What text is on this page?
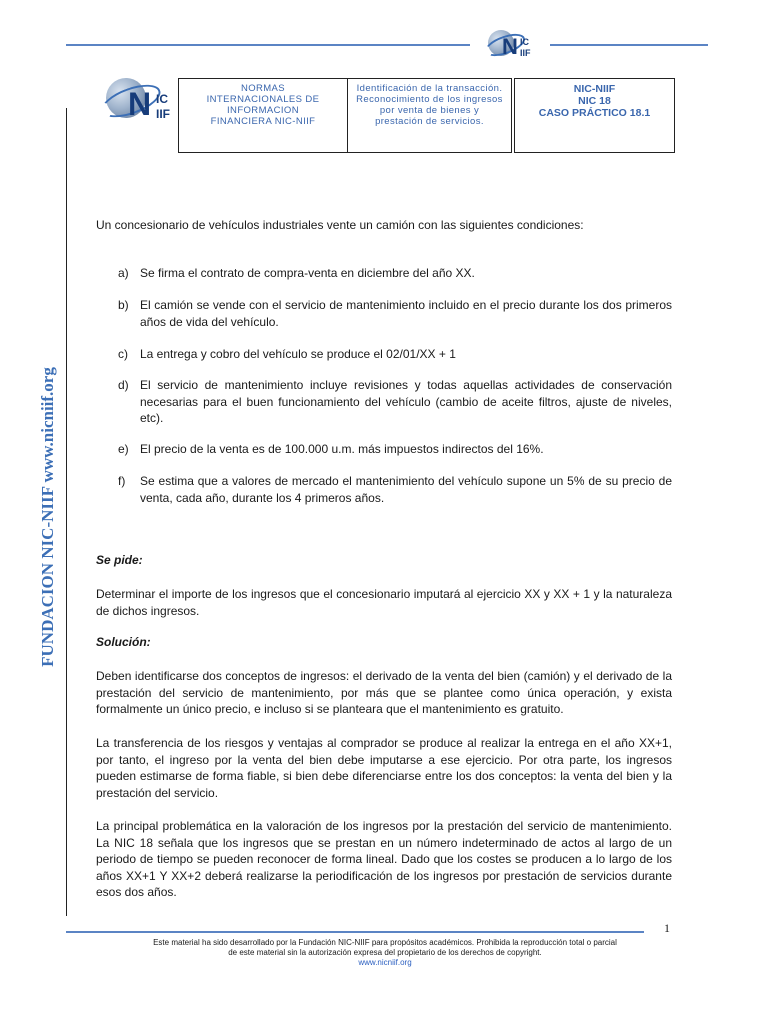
N IC
IIF
N IC
IIF
NORMAS INTERNACIONALES DE INFORMACION FINANCIERA NIC-NIIF
Identificación de la transacción. Reconocimiento de los ingresos por venta de bienes y prestación de servicios.
NIC-NIIF
NIC 18
CASO PRÁCTICO 18.1
FUNDACION NIC-NIIF www.nicniif.org
Un concesionario de vehículos industriales vente un camión con las siguientes condiciones:
a) Se firma el contrato de compra-venta en diciembre del año XX.
b) El camión se vende con el servicio de mantenimiento incluido en el precio durante los dos primeros años de vida del vehículo.
c) La entrega y cobro del vehículo se produce el 02/01/XX + 1
d) El servicio de mantenimiento incluye revisiones y todas aquellas actividades de conservación necesarias para el buen funcionamiento del vehículo (cambio de aceite filtros, ajuste de niveles, etc).
e) El precio de la venta es de 100.000 u.m. más impuestos indirectos del 16%.
f) Se estima que a valores de mercado el mantenimiento del vehículo supone un 5% de su precio de venta, cada año, durante los 4 primeros años.
Se pide:
Determinar el importe de los ingresos que el concesionario imputará al ejercicio XX y XX + 1 y la naturaleza de dichos ingresos.
Solución:
Deben identificarse dos conceptos de ingresos: el derivado de la venta del bien (camión) y el derivado de la prestación del servicio de mantenimiento, por más que se plantee como única operación, y exista formalmente un único precio, e incluso si se planteara que el mantenimiento es gratuito.
La transferencia de los riesgos y ventajas al comprador se produce al realizar la entrega en el año XX+1, por tanto, el ingreso por la venta del bien debe imputarse a ese ejercicio. Por otra parte, los ingresos pueden estimarse de forma fiable, si bien debe diferenciarse entre los dos conceptos: la venta del bien y la prestación del servicio.
La principal problemática en la valoración de los ingresos por la prestación del servicio de mantenimiento. La NIC 18 señala que los ingresos que se prestan en un número indeterminado de actos al largo de un periodo de tiempo se pueden reconocer de forma lineal. Dado que los costes se producen a lo largo de los años XX+1 Y XX+2 deberá realizarse la periodificación de los ingresos por prestación de servicios durante esos dos años.
1
Este material ha sido desarrollado por la Fundación NIC-NIIF para propósitos académicos. Prohibida la reproducción total o parcial
de este material sin la autorización expresa del propietario de los derechos de copyright.
www.nicniif.org
